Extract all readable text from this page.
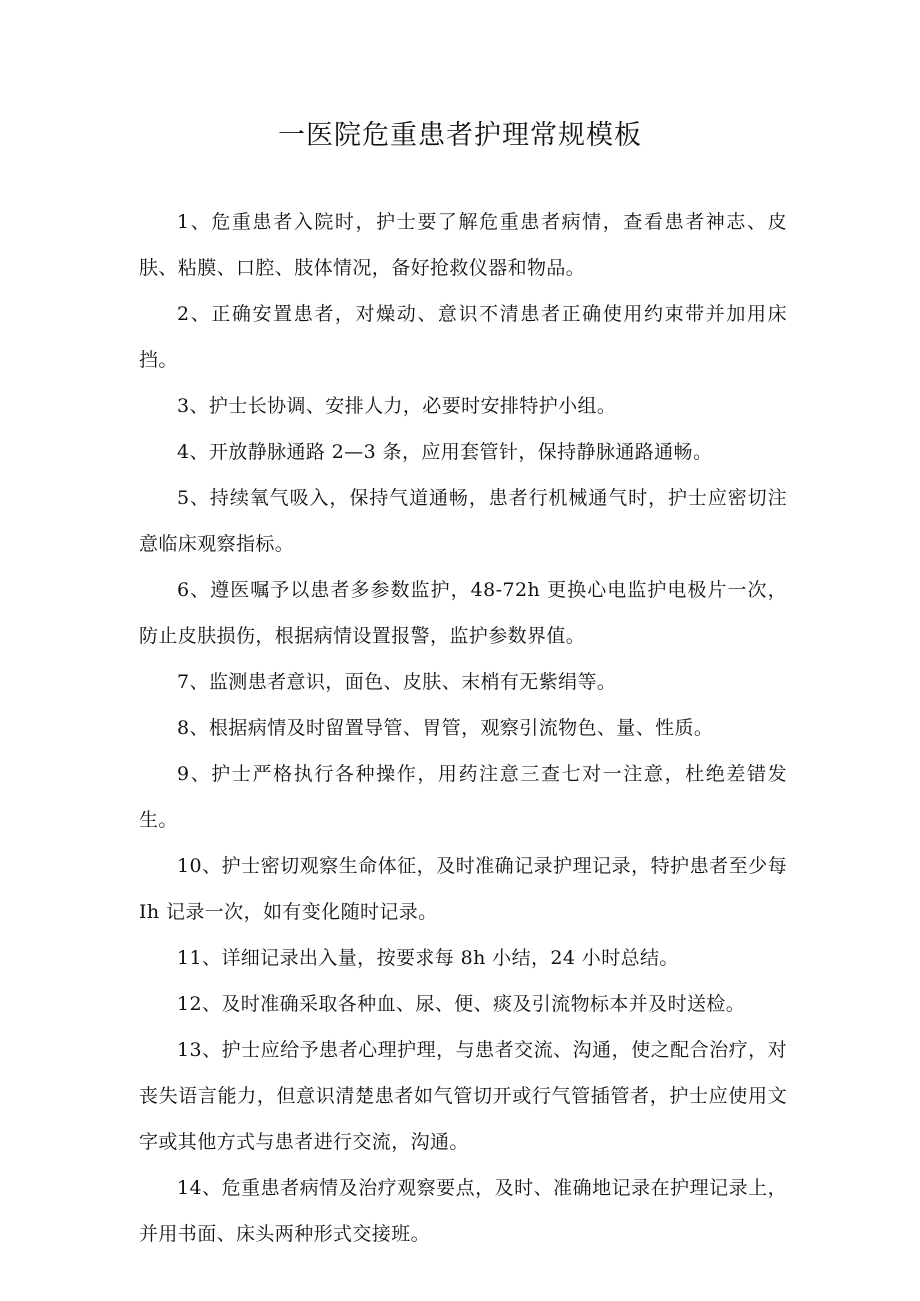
一医院危重患者护理常规模板

1、危重患者入院时，护士要了解危重患者病情，查看患者神志、皮肤、粘膜、口腔、肢体情况，备好抢救仪器和物品。

2、正确安置患者，对燥动、意识不清患者正确使用约束带并加用床挡。

3、护士长协调、安排人力，必要时安排特护小组。

4、开放静脉通路 2—3 条，应用套管针，保持静脉通路通畅。

5、持续氧气吸入，保持气道通畅，患者行机械通气时，护士应密切注意临床观察指标。

6、遵医嘱予以患者多参数监护，48-72h 更换心电监护电极片一次，防止皮肤损伤，根据病情设置报警，监护参数界值。

7、监测患者意识，面色、皮肤、末梢有无紫绢等。

8、根据病情及时留置导管、胃管，观察引流物色、量、性质。

9、护士严格执行各种操作，用药注意三查七对一注意，杜绝差错发生。

10、护士密切观察生命体征，及时准确记录护理记录，特护患者至少每 Ih 记录一次，如有变化随时记录。

11、详细记录出入量，按要求每 8h 小结，24 小时总结。

12、及时准确采取各种血、尿、便、痰及引流物标本并及时送检。

13、护士应给予患者心理护理，与患者交流、沟通，使之配合治疗，对丧失语言能力，但意识清楚患者如气管切开或行气管插管者，护士应使用文字或其他方式与患者进行交流，沟通。

14、危重患者病情及治疗观察要点，及时、准确地记录在护理记录上，并用书面、床头两种形式交接班。
